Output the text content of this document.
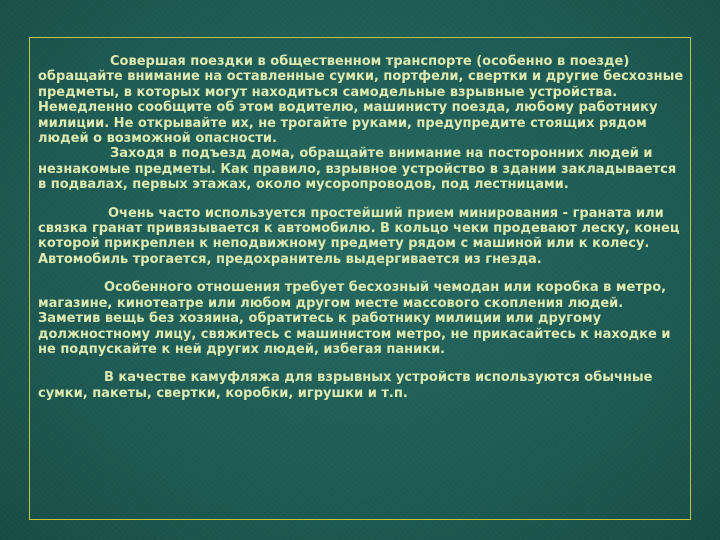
Совершая поездки в общественном транспорте (особенно в поезде) обращайте внимание на оставленные сумки, портфели, свертки и другие бесхозные предметы, в которых могут находиться самодельные взрывные устройства. Немедленно сообщите об этом водителю, машинисту поезда, любому работнику милиции. Не открывайте их, не трогайте руками, предупредите стоящих рядом людей о возможной опасности.

Заходя в подъезд дома, обращайте внимание на посторонних людей и незнакомые предметы. Как правило, взрывное устройство в здании закладывается в подвалах, первых этажах, около мусоропроводов, под лестницами.

Очень часто используется простейший прием минирования - граната или связка гранат привязывается к автомобилю. В кольцо чеки продевают леску, конец которой прикреплен к неподвижному предмету рядом с машиной или к колесу. Автомобиль трогается, предохранитель выдергивается из гнезда.

Особенного отношения требует бесхозный чемодан или коробка в метро, магазине, кинотеатре или любом другом месте массового скопления людей. Заметив вещь без хозяина, обратитесь к работнику милиции или другому должностному лицу, свяжитесь с машинистом метро, не прикасайтесь к находке и не подпускайте к ней других людей, избегая паники.

В качестве камуфляжа для взрывных устройств используются обычные сумки, пакеты, свертки, коробки, игрушки и т.п.
